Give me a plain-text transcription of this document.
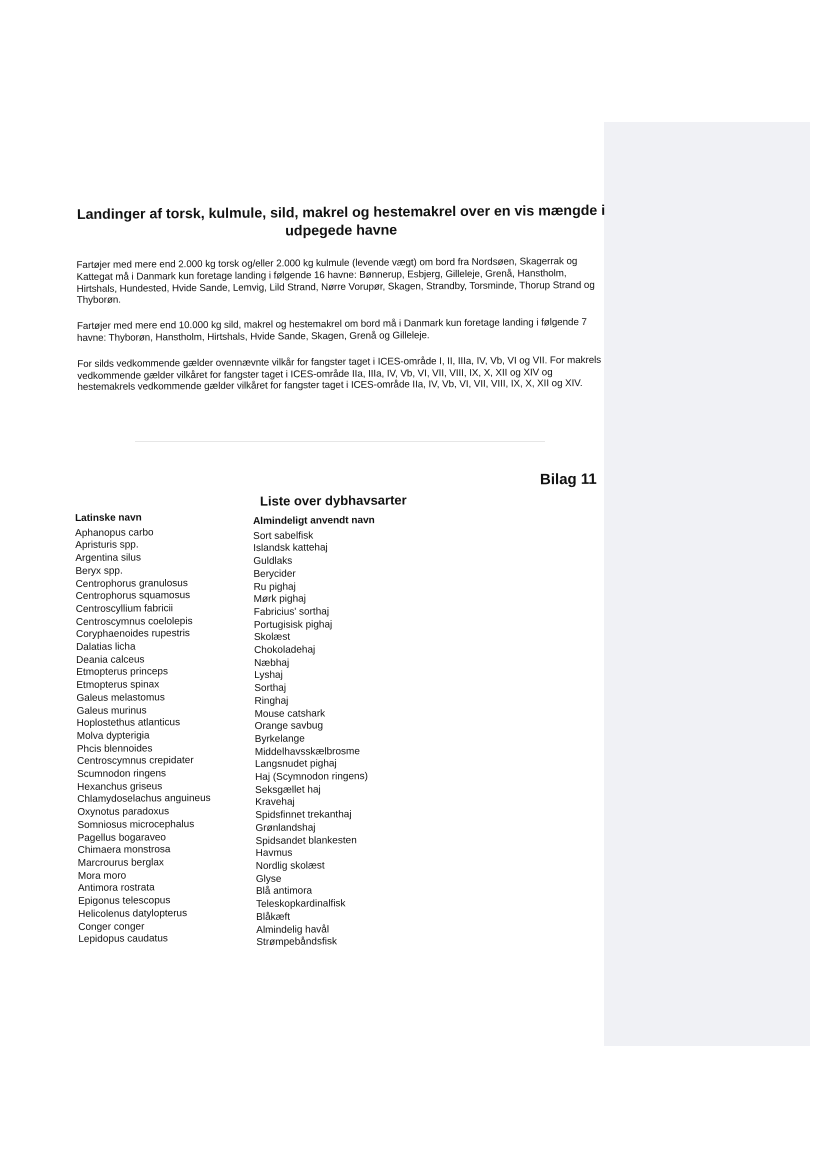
Landinger af torsk, kulmule, sild, makrel og hestemakrel over en vis mængde i udpegede havne

Fartøjer med mere end 2.000 kg torsk og/eller 2.000 kg kulmule (levende vægt) om bord fra Nordsøen, Skagerrak og Kattegat må i Danmark kun foretage landing i følgende 16 havne: Bønnerup, Esbjerg, Gilleleje, Grenå, Hanstholm, Hirtshals, Hundested, Hvide Sande, Lemvig, Lild Strand, Nørre Vorupør, Skagen, Strandby, Torsminde, Thorup Strand og Thyborøn.

Fartøjer med mere end 10.000 kg sild, makrel og hestemakrel om bord må i Danmark kun foretage landing i følgende 7 havne: Thyborøn, Hanstholm, Hirtshals, Hvide Sande, Skagen, Grenå og Gilleleje.

For silds vedkommende gælder ovennævnte vilkår for fangster taget i ICES-område I, II, IIIa, IV, Vb, VI og VII. For makrels vedkommende gælder vilkåret for fangster taget i ICES-område IIa, IIIa, IV, Vb, VI, VII, VIII, IX, X, XII og XIV og hestemakrels vedkommende gælder vilkåret for fangster taget i ICES-område IIa, IV, Vb, VI, VII, VIII, IX, X, XII og XIV.

Bilag 11
Liste over dybhavsarter
Latinske navn
Aphanopus carbo
Apristuris spp.
Argentina silus
Beryx spp.
Centrophorus granulosus
Centrophorus squamosus
Centroscyllium fabricii
Centroscymnus coelolepis
Coryphaenoides rupestris
Dalatias licha
Deania calceus
Etmopterus princeps
Etmopterus spinax
Galeus melastomus
Galeus murinus
Hoplostethus atlanticus
Molva dypterigia
Phcis blennoides
Centroscymnus crepidater
Scumnodon ringens
Hexanchus griseus
Chlamydoselachus anguineus
Oxynotus paradoxus
Somniosus microcephalus
Pagellus bogaraveo
Chimaera monstrosa
Marcrourus berglax
Mora moro
Antimora rostrata
Epigonus telescopus
Helicolenus datylopterus
Conger conger
Lepidopus caudatus
Almindeligt anvendt navn
Sort sabelfisk
Islandsk kattehaj
Guldlaks
Berycider
Ru pighaj
Mørk pighaj
Fabricius' sorthaj
Portugisisk pighaj
Skolæst
Chokoladehaj
Næbhaj
Lyshaj
Sorthaj
Ringhaj
Mouse catshark
Orange savbug
Byrkelange
Middelhavsskælbrosme
Langsnudet pighaj
Haj (Scymnodon ringens)
Seksgællet haj
Kravehaj
Spidsfinnet trekanthaj
Grønlandshaj
Spidsandet blankesten
Havmus
Nordlig skolæst
Glyse
Blå antimora
Teleskopkardinalfisk
Blåkæft
Almindelig havål
Strømpebåndsfisk
